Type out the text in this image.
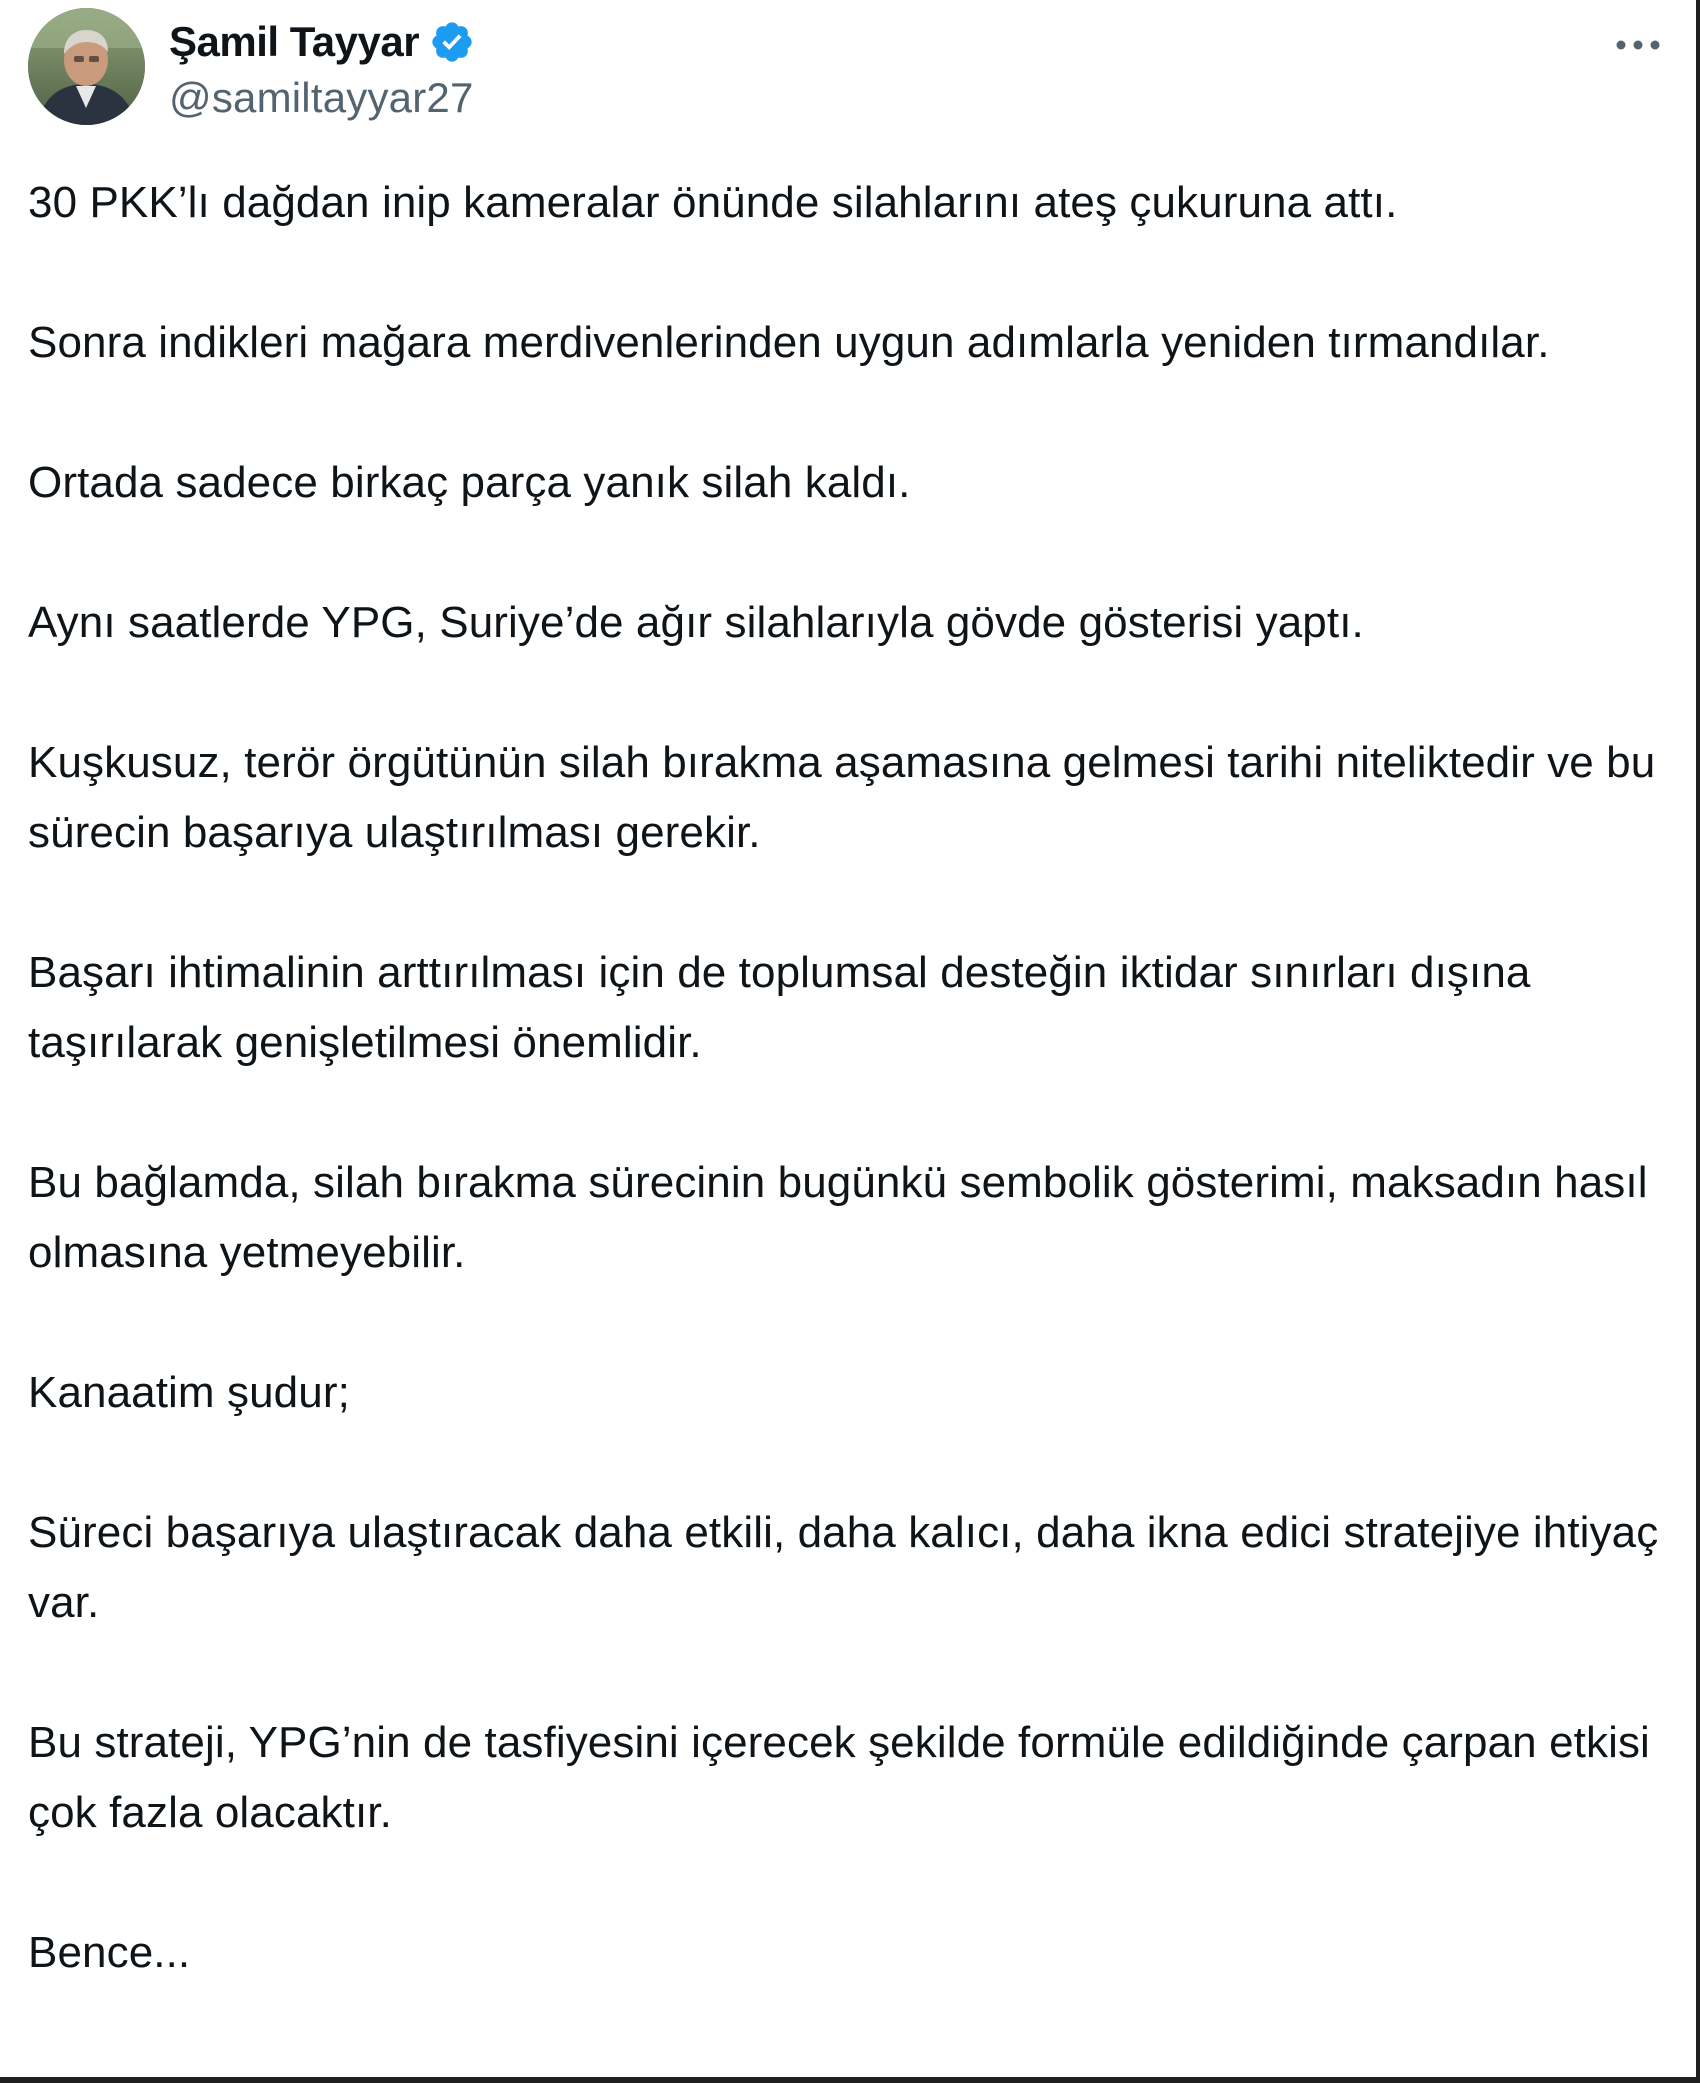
Şamil Tayyar
@samiltayyar27

30 PKK’lı dağdan inip kameralar önünde silahlarını ateş çukuruna attı.

Sonra indikleri mağara merdivenlerinden uygun adımlarla yeniden tırmandılar.

Ortada sadece birkaç parça yanık silah kaldı.

Aynı saatlerde YPG, Suriye’de ağır silahlarıyla gövde gösterisi yaptı.

Kuşkusuz, terör örgütünün silah bırakma aşamasına gelmesi tarihi niteliktedir ve bu sürecin başarıya ulaştırılması gerekir.

Başarı ihtimalinin arttırılması için de toplumsal desteğin iktidar sınırları dışına taşırılarak genişletilmesi önemlidir.

Bu bağlamda, silah bırakma sürecinin bugünkü sembolik gösterimi, maksadın hasıl olmasına yetmeyebilir.

Kanaatim şudur;

Süreci başarıya ulaştıracak daha etkili, daha kalıcı, daha ikna edici stratejiye ihtiyaç var.

Bu strateji, YPG’nin de tasfiyesini içerecek şekilde formüle edildiğinde çarpan etkisi çok fazla olacaktır.

Bence...
